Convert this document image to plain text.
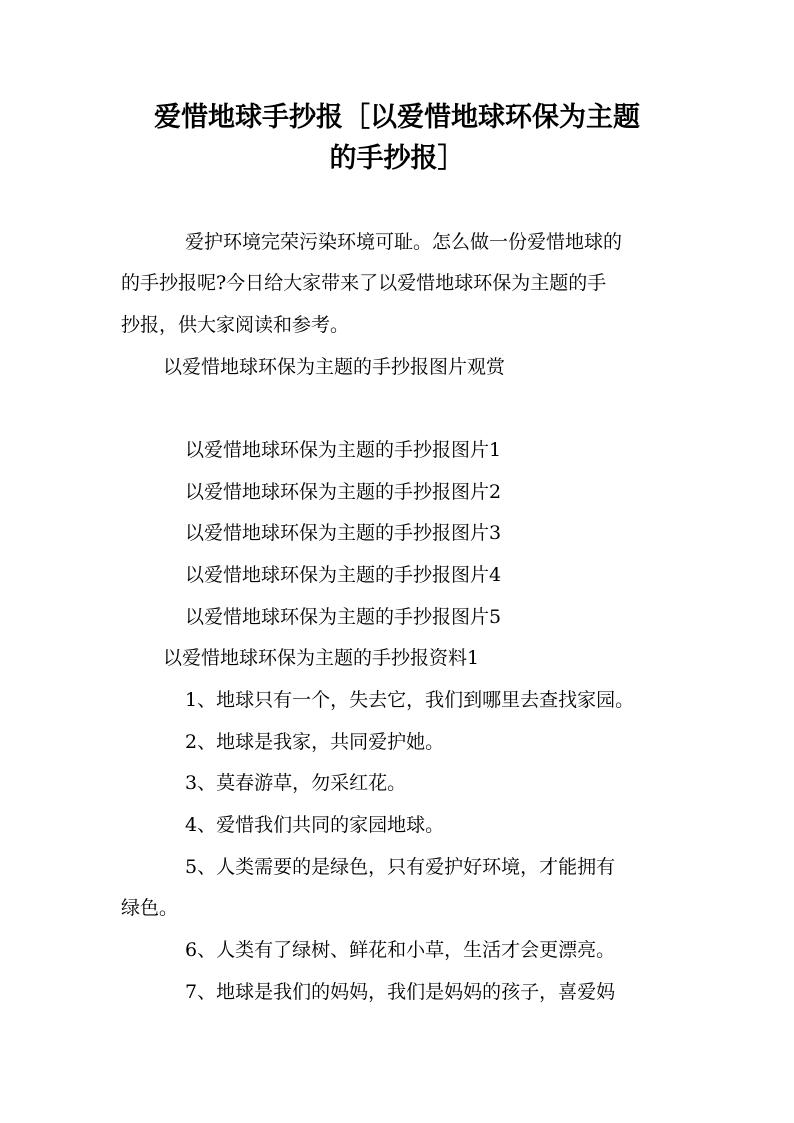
爱惜地球手抄报［以爱惜地球环保为主题
的手抄报］

爱护环境完荣污染环境可耻。怎么做一份爱惜地球的

的手抄报呢?今日给大家带来了以爱惜地球环保为主题的手

抄报，供大家阅读和参考。

以爱惜地球环保为主题的手抄报图片观赏

以爱惜地球环保为主题的手抄报图片1

以爱惜地球环保为主题的手抄报图片2

以爱惜地球环保为主题的手抄报图片3

以爱惜地球环保为主题的手抄报图片4

以爱惜地球环保为主题的手抄报图片5

以爱惜地球环保为主题的手抄报资料1

1、地球只有一个，失去它，我们到哪里去查找家园。

2、地球是我家，共同爱护她。

3、莫春游草，勿采红花。

4、爱惜我们共同的家园地球。

5、人类需要的是绿色，只有爱护好环境，才能拥有

绿色。

6、人类有了绿树、鲜花和小草，生活才会更漂亮。

7、地球是我们的妈妈，我们是妈妈的孩子，喜爱妈
